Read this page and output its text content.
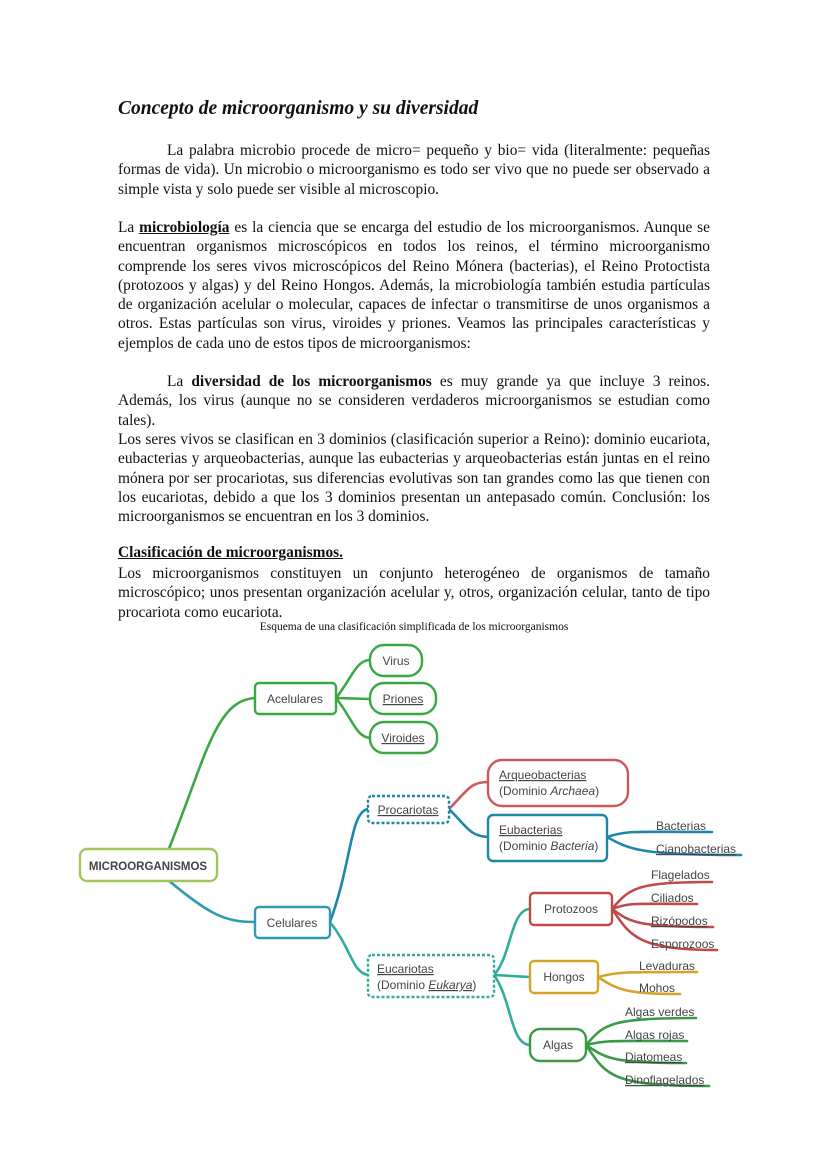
Concepto de microorganismo y su diversidad

La palabra microbio procede de micro= pequeño y bio= vida (literalmente: pequeñas formas de vida). Un microbio o microorganismo es todo ser vivo que no puede ser observado a simple vista y solo puede ser visible al microscopio.

La microbiología es la ciencia que se encarga del estudio de los microorganismos. Aunque se encuentran organismos microscópicos en todos los reinos, el término microorganismo comprende los seres vivos microscópicos del Reino Mónera (bacterias), el Reino Protoctista (protozoos y algas) y del Reino Hongos. Además, la microbiología también estudia partículas de organización acelular o molecular, capaces de infectar o transmitirse de unos organismos a otros. Estas partículas son virus, viroides y priones. Veamos las principales características y ejemplos de cada uno de estos tipos de microorganismos:

La diversidad de los microorganismos es muy grande ya que incluye 3 reinos. Además, los virus (aunque no se consideren verdaderos microorganismos se estudian como tales).

Los seres vivos se clasifican en 3 dominios (clasificación superior a Reino): dominio eucariota, eubacterias y arqueobacterias, aunque las eubacterias y arqueobacterias están juntas en el reino mónera por ser procariotas, sus diferencias evolutivas son tan grandes como las que tienen con los eucariotas, debido a que los 3 dominios presentan un antepasado común. Conclusión: los microorganismos se encuentran en los 3 dominios.

Clasificación de microorganismos.

Los microorganismos constituyen un conjunto heterogéneo de organismos de tamaño microscópico; unos presentan organización acelular y, otros, organización celular, tanto de tipo procariota como eucariota.

Esquema de una clasificación simplificada de los microorganismos
MICROORGANISMOS
Acelulares
Virus
Priones
Viroides
Celulares
Procariotas
Arqueobacterias
(Dominio Archaea)
Eubacterias
(Dominio Bacteria)
Bacterias
Cianobacterias
Eucariotas
(Dominio Eukarya)
Protozoos
Flagelados
Ciliados
Rizópodos
Esporozoos
Hongos
Levaduras
Mohos
Algas
Algas verdes
Algas rojas
Diatomeas
Dinoflagelados
